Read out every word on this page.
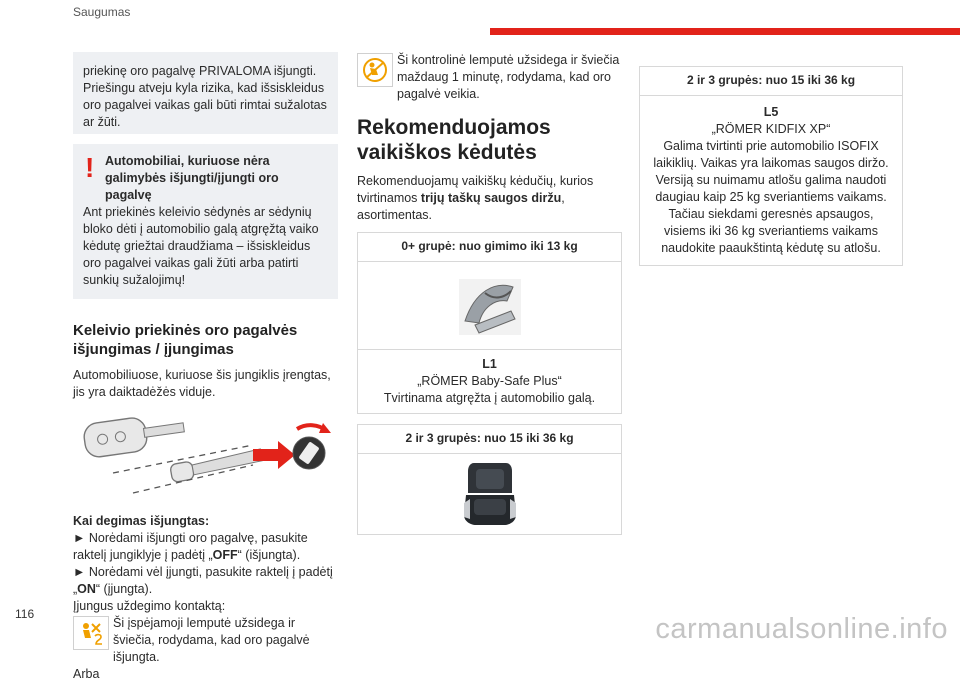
Saugumas

priekinę oro pagalvę PRIVALOMA išjungti. Priešingu atveju kyla rizika, kad išsiskleidus oro pagalvei vaikas gali būti rimtai sužalotas ar žūti.

! Automobiliai, kuriuose nėra galimybės išjungti/įjungti oro pagalvę

Ant priekinės keleivio sėdynės ar sėdynių bloko dėti į automobilio galą atgręžtą vaiko kėdutę griežtai draudžiama – išsiskleidus oro pagalvei vaikas gali žūti arba patirti sunkių sužalojimų!

Keleivio priekinės oro pagalvės išjungimas / įjungimas

Automobiliuose, kuriuose šis jungiklis įrengtas, jis yra daiktadėžės viduje.

Kai degimas išjungtas:

► Norėdami išjungti oro pagalvę, pasukite raktelį jungiklyje į padėtį „OFF“ (išjungta).

► Norėdami vėl įjungti, pasukite raktelį į padėtį „ON“ (įjungta).

Įjungus uždegimo kontaktą:

Ši įspėjamoji lemputė užsidega ir šviečia, rodydama, kad oro pagalvė išjungta.

Arba

Ši kontrolinė lemputė užsidega ir šviečia maždaug 1 minutę, rodydama, kad oro pagalvė veikia.

Rekomenduojamos vaikiškos kėdutės

Rekomenduojamų vaikiškų kėdučių, kurios tvirtinamos trijų taškų saugos diržu, asortimentas.

0+ grupė: nuo gimimo iki 13 kg

L1

„RÖMER Baby-Safe Plus“

Tvirtinama atgręžta į automobilio galą.

2 ir 3 grupės: nuo 15 iki 36 kg
2 ir 3 grupės: nuo 15 iki 36 kg

L5

„RÖMER KIDFIX XP“

Galima tvirtinti prie automobilio ISOFIX laikiklių. Vaikas yra laikomas saugos diržo. Versiją su nuimamu atlošu galima naudoti daugiau kaip 25 kg sveriantiems vaikams. Tačiau siekdami geresnės apsaugos, visiems iki 36 kg sveriantiems vaikams naudokite paaukštintą kėdutę su atlošu.

116	carmanualsonline.info
